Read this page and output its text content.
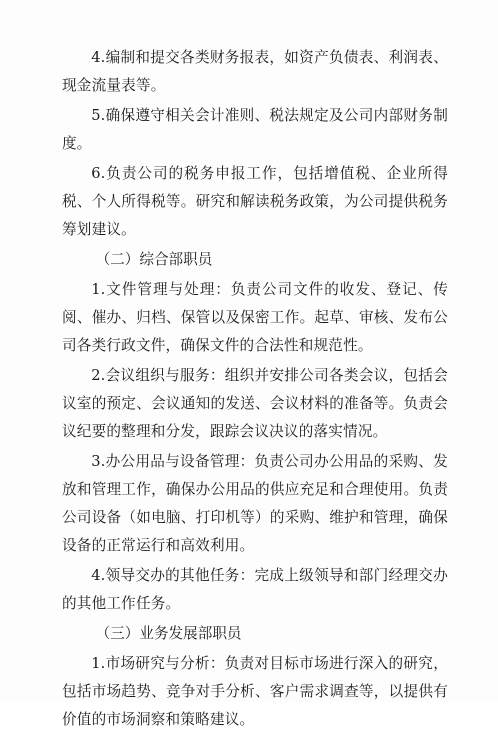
4.编制和提交各类财务报表，如资产负债表、利润表、现金流量表等。

5.确保遵守相关会计准则、税法规定及公司内部财务制度。

6.负责公司的税务申报工作，包括增值税、企业所得税、个人所得税等。研究和解读税务政策，为公司提供税务筹划建议。

（二）综合部职员

1.文件管理与处理：负责公司文件的收发、登记、传阅、催办、归档、保管以及保密工作。起草、审核、发布公司各类行政文件，确保文件的合法性和规范性。

2.会议组织与服务：组织并安排公司各类会议，包括会议室的预定、会议通知的发送、会议材料的准备等。负责会议纪要的整理和分发，跟踪会议决议的落实情况。

3.办公用品与设备管理：负责公司办公用品的采购、发放和管理工作，确保办公用品的供应充足和合理使用。负责公司设备（如电脑、打印机等）的采购、维护和管理，确保设备的正常运行和高效利用。

4.领导交办的其他任务：完成上级领导和部门经理交办的其他工作任务。

（三）业务发展部职员

1.市场研究与分析：负责对目标市场进行深入的研究，包括市场趋势、竞争对手分析、客户需求调查等，以提供有价值的市场洞察和策略建议。
